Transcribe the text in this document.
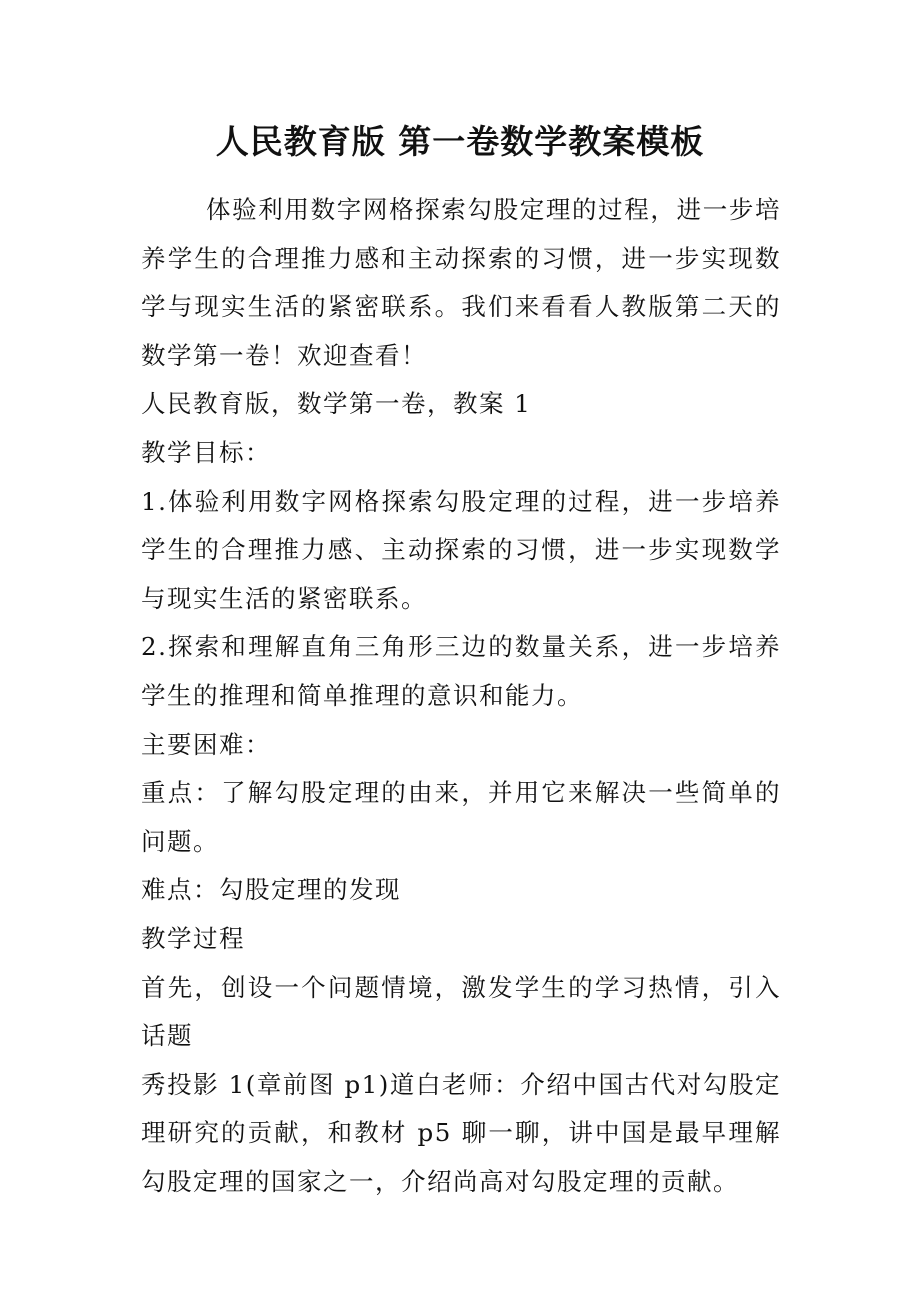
人民教育版 第一卷数学教案模板

体验利用数字网格探索勾股定理的过程，进一步培养学生的合理推力感和主动探索的习惯，进一步实现数学与现实生活的紧密联系。我们来看看人教版第二天的数学第一卷！欢迎查看！

人民教育版，数学第一卷，教案 1

教学目标：

1.体验利用数字网格探索勾股定理的过程，进一步培养学生的合理推力感、主动探索的习惯，进一步实现数学与现实生活的紧密联系。

2.探索和理解直角三角形三边的数量关系，进一步培养学生的推理和简单推理的意识和能力。

主要困难：

重点：了解勾股定理的由来，并用它来解决一些简单的问题。

难点：勾股定理的发现

教学过程

首先，创设一个问题情境，激发学生的学习热情，引入话题

秀投影 1(章前图 p1)道白老师：介绍中国古代对勾股定理研究的贡献，和教材 p5 聊一聊，讲中国是最早理解勾股定理的国家之一，介绍尚高对勾股定理的贡献。
